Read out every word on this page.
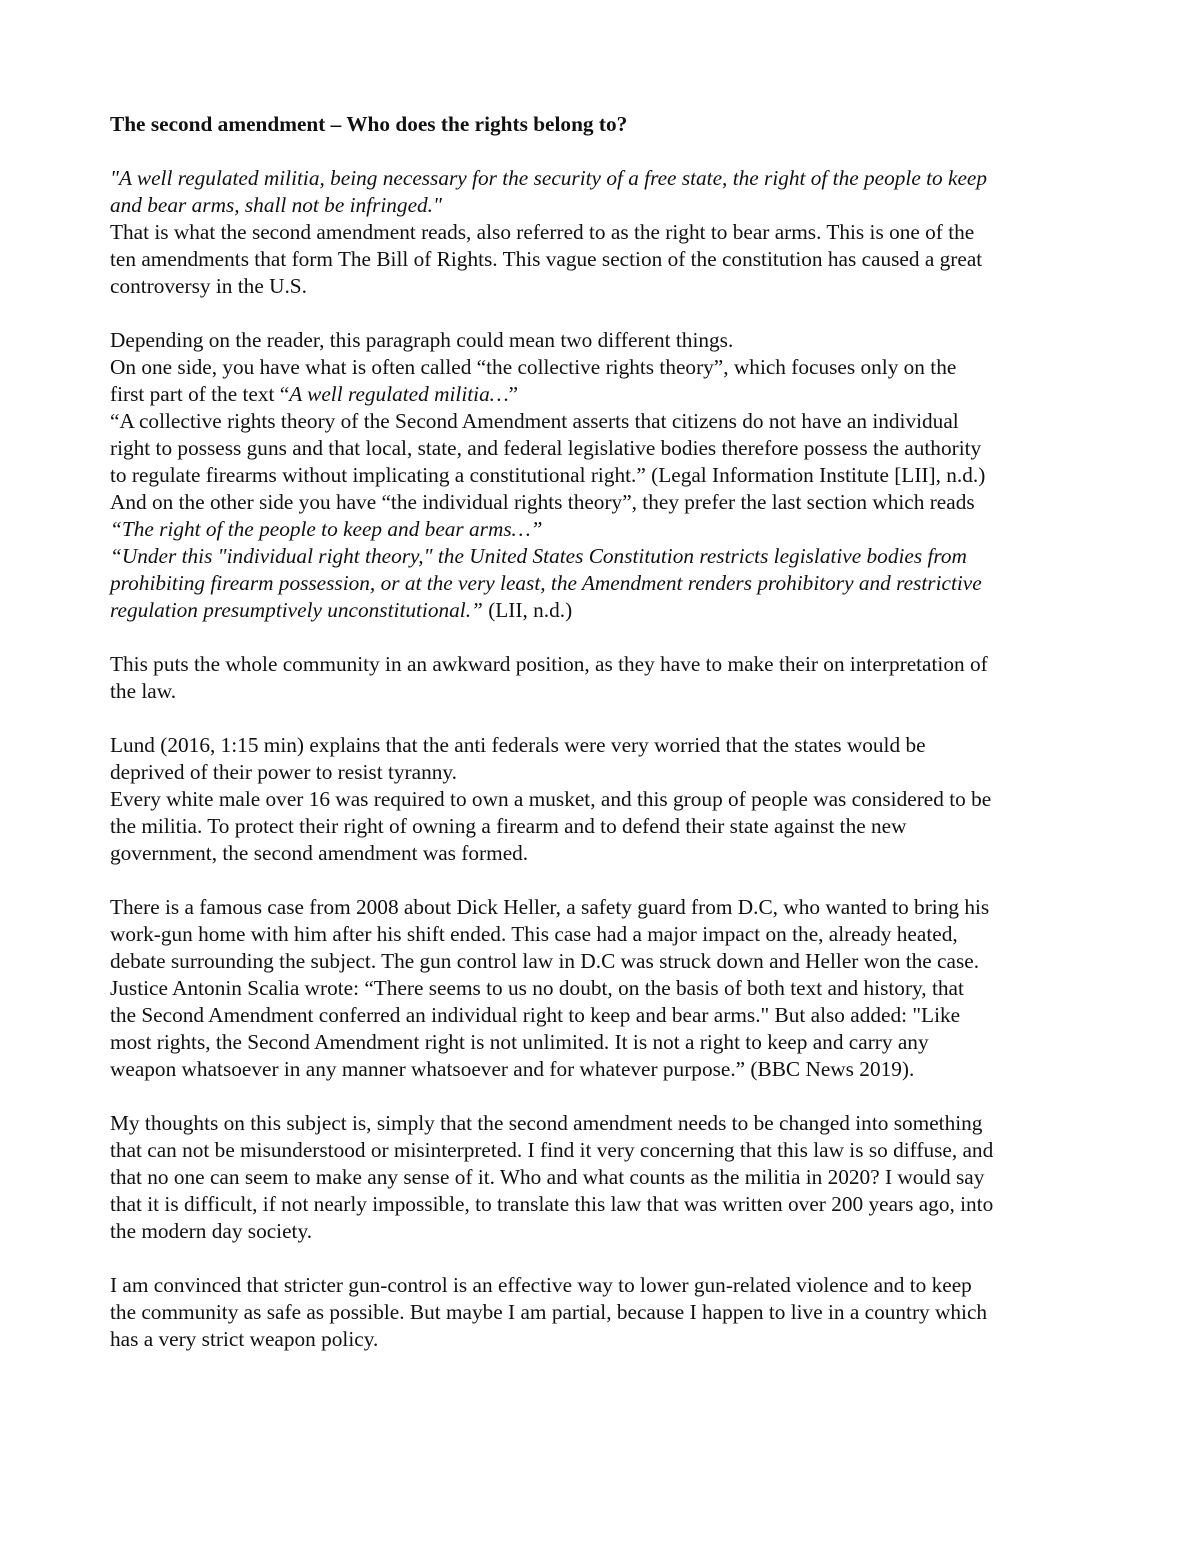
The second amendment – Who does the rights belong to?
"A well regulated militia, being necessary for the security of a free state, the right of the people to keep
and bear arms, shall not be infringed."
That is what the second amendment reads, also referred to as the right to bear arms. This is one of the
ten amendments that form The Bill of Rights. This vague section of the constitution has caused a great
controversy in the U.S.
Depending on the reader, this paragraph could mean two different things.
On one side, you have what is often called “the collective rights theory”, which focuses only on the
first part of the text “A well regulated militia…”
“A collective rights theory of the Second Amendment asserts that citizens do not have an individual
right to possess guns and that local, state, and federal legislative bodies therefore possess the authority
to regulate firearms without implicating a constitutional right.” (Legal Information Institute [LII], n.d.)
And on the other side you have “the individual rights theory”, they prefer the last section which reads
“The right of the people to keep and bear arms…”
“Under this "individual right theory," the United States Constitution restricts legislative bodies from
prohibiting firearm possession, or at the very least, the Amendment renders prohibitory and restrictive
regulation presumptively unconstitutional.” (LII, n.d.)
This puts the whole community in an awkward position, as they have to make their on interpretation of
the law.
Lund (2016, 1:15 min) explains that the anti federals were very worried that the states would be
deprived of their power to resist tyranny.
Every white male over 16 was required to own a musket, and this group of people was considered to be
the militia. To protect their right of owning a firearm and to defend their state against the new
government, the second amendment was formed.
There is a famous case from 2008 about Dick Heller, a safety guard from D.C, who wanted to bring his
work-gun home with him after his shift ended. This case had a major impact on the, already heated,
debate surrounding the subject. The gun control law in D.C was struck down and Heller won the case.
Justice Antonin Scalia wrote: “There seems to us no doubt, on the basis of both text and history, that
the Second Amendment conferred an individual right to keep and bear arms." But also added: "Like
most rights, the Second Amendment right is not unlimited. It is not a right to keep and carry any
weapon whatsoever in any manner whatsoever and for whatever purpose.” (BBC News 2019).
My thoughts on this subject is, simply that the second amendment needs to be changed into something
that can not be misunderstood or misinterpreted. I find it very concerning that this law is so diffuse, and
that no one can seem to make any sense of it. Who and what counts as the militia in 2020? I would say
that it is difficult, if not nearly impossible, to translate this law that was written over 200 years ago, into
the modern day society.
I am convinced that stricter gun-control is an effective way to lower gun-related violence and to keep
the community as safe as possible. But maybe I am partial, because I happen to live in a country which
has a very strict weapon policy.
